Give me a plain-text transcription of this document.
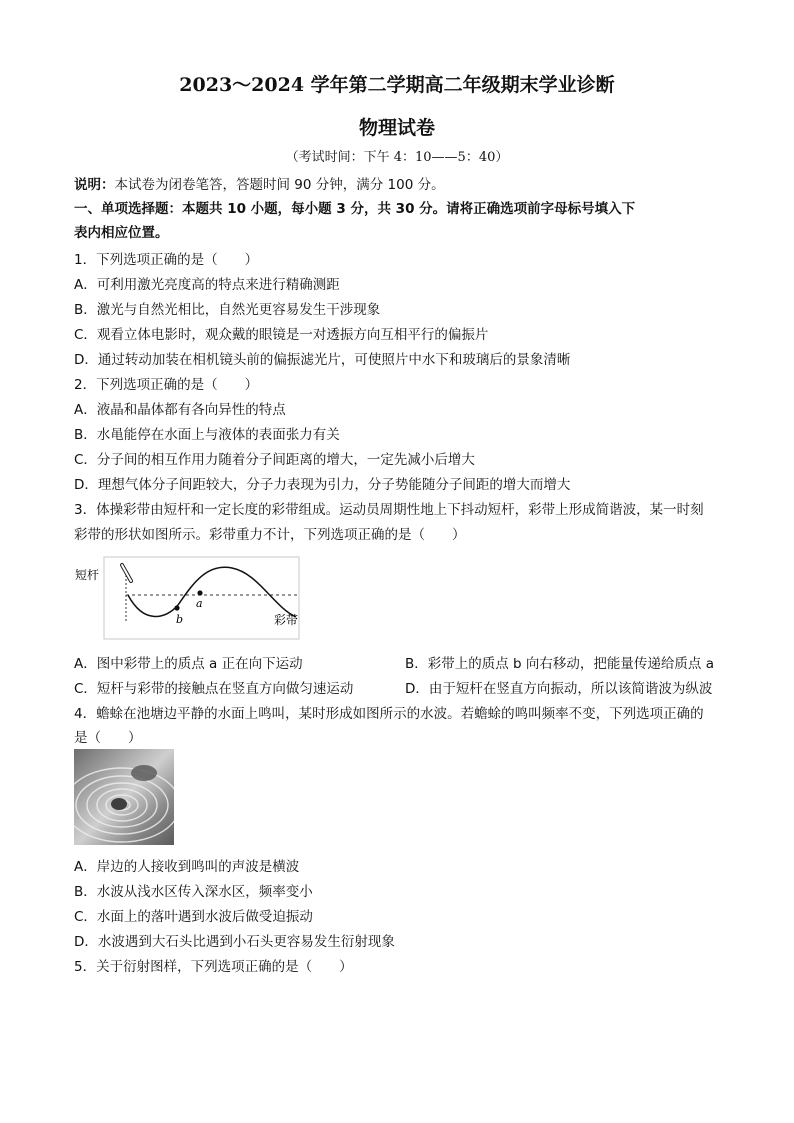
2023～2024 学年第二学期高二年级期末学业诊断
物理试卷
（考试时间：下午 4：10——5：40）
说明：本试卷为闭卷笔答，答题时间 90 分钟，满分 100 分。
一、单项选择题：本题共 10 小题，每小题 3 分，共 30 分。请将正确选项前字母标号填入下
表内相应位置。
1．下列选项正确的是（　　）
A．可利用激光亮度高的特点来进行精确测距
B．激光与自然光相比，自然光更容易发生干涉现象
C．观看立体电影时，观众戴的眼镜是一对透振方向互相平行的偏振片
D．通过转动加装在相机镜头前的偏振滤光片，可使照片中水下和玻璃后的景象清晰
2．下列选项正确的是（　　）
A．液晶和晶体都有各向异性的特点
B．水黾能停在水面上与液体的表面张力有关
C．分子间的相互作用力随着分子间距离的增大，一定先减小后增大
D．理想气体分子间距较大，分子力表现为引力，分子势能随分子间距的增大而增大
3．体操彩带由短杆和一定长度的彩带组成。运动员周期性地上下抖动短杆，彩带上形成简谐波，某一时刻
彩带的形状如图所示。彩带重力不计，下列选项正确的是（　　）
a
b
短杆
彩带
A．图中彩带上的质点 a 正在向下运动	B．彩带上的质点 b 向右移动，把能量传递给质点 a
C．短杆与彩带的接触点在竖直方向做匀速运动	D．由于短杆在竖直方向振动，所以该简谐波为纵波
4．蟾蜍在池塘边平静的水面上鸣叫，某时形成如图所示的水波。若蟾蜍的鸣叫频率不变，下列选项正确的
是（　　）
A．岸边的人接收到鸣叫的声波是横波
B．水波从浅水区传入深水区，频率变小
C．水面上的落叶遇到水波后做受迫振动
D．水波遇到大石头比遇到小石头更容易发生衍射现象
5．关于衍射图样，下列选项正确的是（　　）
